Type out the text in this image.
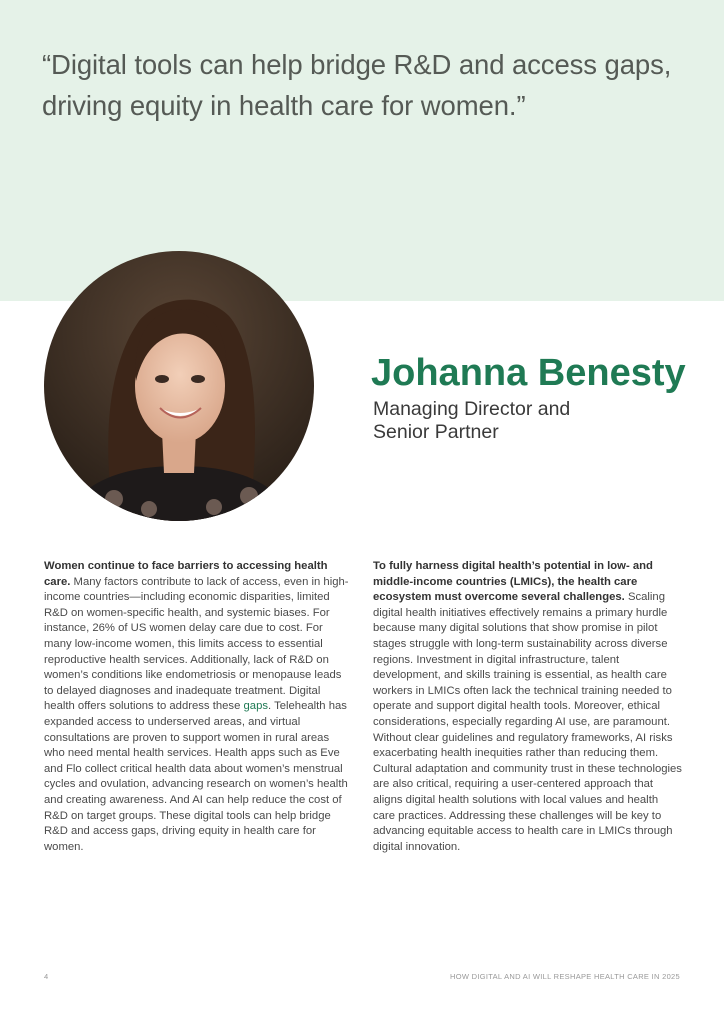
“Digital tools can help bridge R&D and access gaps, driving equity in health care for women.”

Johanna Benesty
Managing Director and
Senior Partner

Women continue to face barriers to accessing health care. Many factors contribute to lack of access, even in high-income countries—including economic disparities, limited R&D on women-specific health, and systemic biases. For instance, 26% of US women delay care due to cost. For many low-income women, this limits access to essential reproductive health services. Additionally, lack of R&D on women’s conditions like endometriosis or menopause leads to delayed diagnoses and inadequate treatment. Digital health offers solutions to address these gaps. Telehealth has expanded access to underserved areas, and virtual consultations are proven to support women in rural areas who need mental health services. Health apps such as Eve and Flo collect critical health data about women’s menstrual cycles and ovulation, advancing research on women’s health and creating awareness. And AI can help reduce the cost of R&D on target groups. These digital tools can help bridge R&D and access gaps, driving equity in health care for women.

To fully harness digital health’s potential in low- and middle-income countries (LMICs), the health care ecosystem must overcome several challenges. Scaling digital health initiatives effectively remains a primary hurdle because many digital solutions that show promise in pilot stages struggle with long-term sustainability across diverse regions. Investment in digital infrastructure, talent development, and skills training is essential, as health care workers in LMICs often lack the technical training needed to operate and support digital health tools. Moreover, ethical considerations, especially regarding AI use, are paramount. Without clear guidelines and regulatory frameworks, AI risks exacerbating health inequities rather than reducing them. Cultural adaptation and community trust in these technologies are also critical, requiring a user-centered approach that aligns digital health solutions with local values and health care practices. Addressing these challenges will be key to advancing equitable access to health care in LMICs through digital innovation.

4	HOW DIGITAL AND AI WILL RESHAPE HEALTH CARE IN 2025
